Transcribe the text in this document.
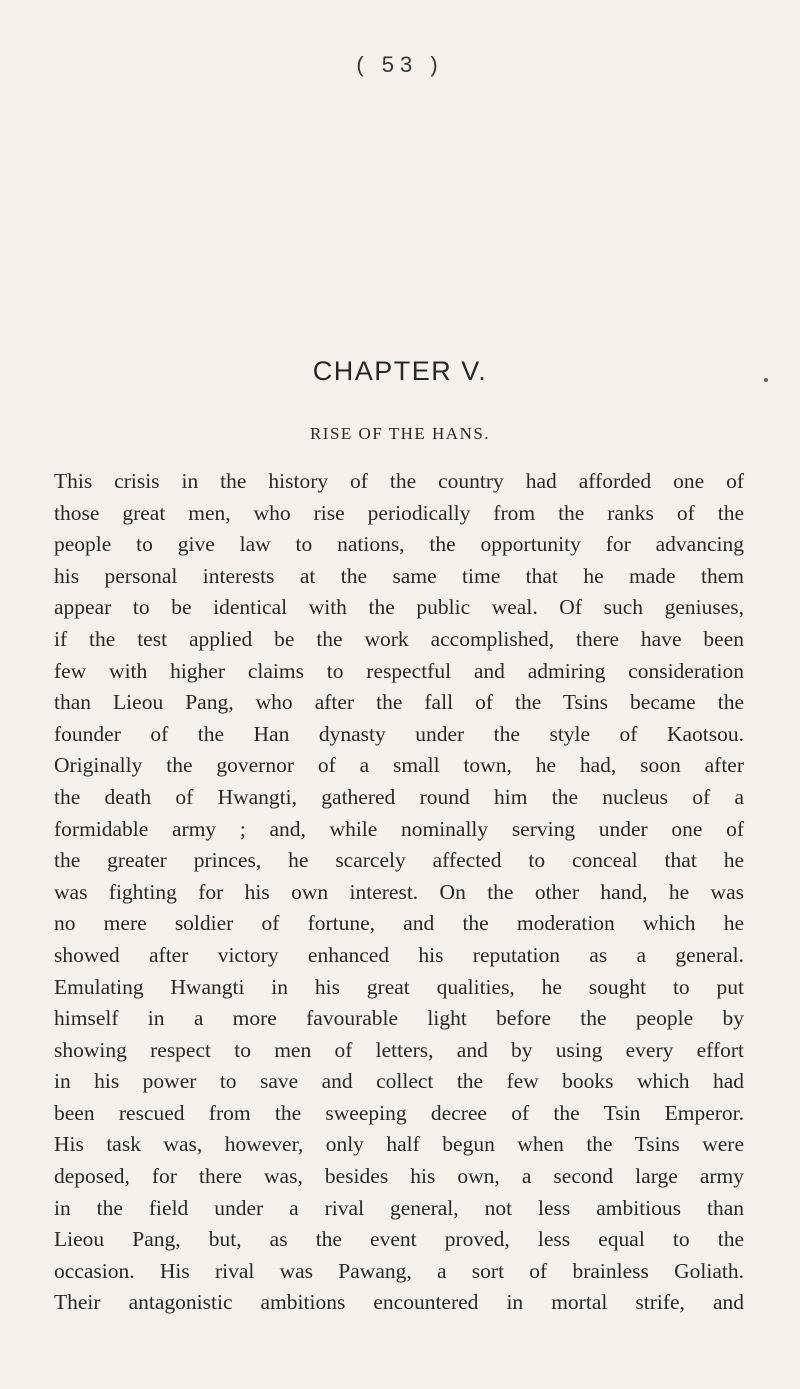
( 53 )
CHAPTER V.
RISE OF THE HANS.
This crisis in the history of the country had afforded one of
those great men, who rise periodically from the ranks of the
people to give law to nations, the opportunity for advancing
his personal interests at the same time that he made them
appear to be identical with the public weal. Of such geniuses,
if the test applied be the work accomplished, there have been
few with higher claims to respectful and admiring consideration
than Lieou Pang, who after the fall of the Tsins became the
founder of the Han dynasty under the style of Kaotsou.
Originally the governor of a small town, he had, soon after
the death of Hwangti, gathered round him the nucleus of a
formidable army ; and, while nominally serving under one of
the greater princes, he scarcely affected to conceal that he
was fighting for his own interest. On the other hand, he was
no mere soldier of fortune, and the moderation which he
showed after victory enhanced his reputation as a general.
Emulating Hwangti in his great qualities, he sought to put
himself in a more favourable light before the people by
showing respect to men of letters, and by using every effort
in his power to save and collect the few books which had
been rescued from the sweeping decree of the Tsin Emperor.
His task was, however, only half begun when the Tsins were
deposed, for there was, besides his own, a second large army
in the field under a rival general, not less ambitious than
Lieou Pang, but, as the event proved, less equal to the
occasion. His rival was Pawang, a sort of brainless Goliath.
Their antagonistic ambitions encountered in mortal strife, and
